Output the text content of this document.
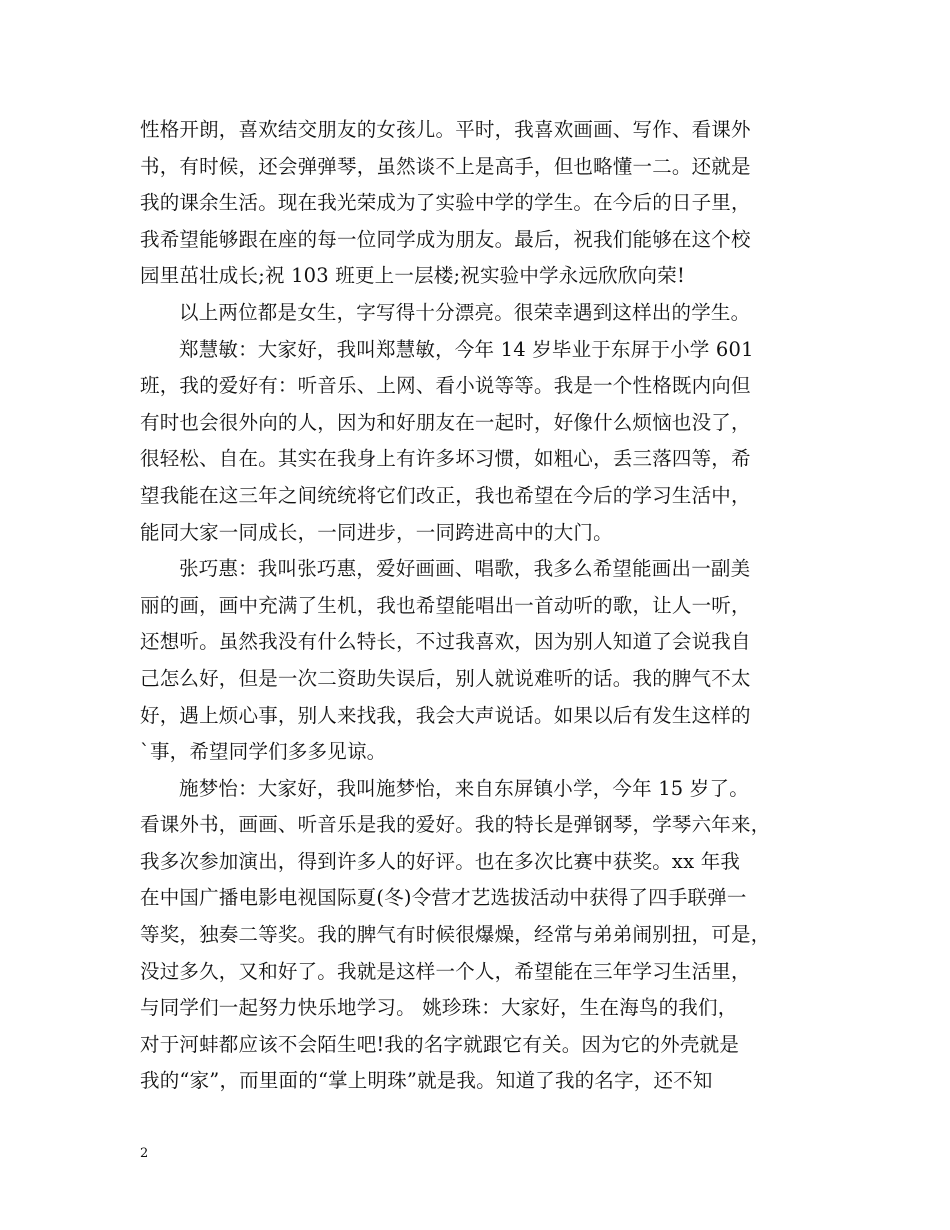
性格开朗，喜欢结交朋友的女孩儿。平时，我喜欢画画、写作、看课外
书，有时候，还会弹弹琴，虽然谈不上是高手，但也略懂一二。还就是
我的课余生活。现在我光荣成为了实验中学的学生。在今后的日子里，
我希望能够跟在座的每一位同学成为朋友。最后，祝我们能够在这个校
园里茁壮成长;祝 103 班更上一层楼;祝实验中学永远欣欣向荣!
以上两位都是女生，字写得十分漂亮。很荣幸遇到这样出的学生。
郑慧敏：大家好，我叫郑慧敏，今年 14 岁毕业于东屏于小学 601
班，我的爱好有：听音乐、上网、看小说等等。我是一个性格既内向但
有时也会很外向的人，因为和好朋友在一起时，好像什么烦恼也没了，
很轻松、自在。其实在我身上有许多坏习惯，如粗心，丢三落四等，希
望我能在这三年之间统统将它们改正，我也希望在今后的学习生活中，
能同大家一同成长，一同进步，一同跨进高中的大门。
张巧惠：我叫张巧惠，爱好画画、唱歌，我多么希望能画出一副美
丽的画，画中充满了生机，我也希望能唱出一首动听的歌，让人一听，
还想听。虽然我没有什么特长，不过我喜欢，因为别人知道了会说我自
己怎么好，但是一次二资助失误后，别人就说难听的话。我的脾气不太
好，遇上烦心事，别人来找我，我会大声说话。如果以后有发生这样的
`事，希望同学们多多见谅。
施梦怡：大家好，我叫施梦怡，来自东屏镇小学，今年 15 岁了。
看课外书，画画、听音乐是我的爱好。我的特长是弹钢琴，学琴六年来，
我多次参加演出，得到许多人的好评。也在多次比赛中获奖。xx 年我
在中国广播电影电视国际夏(冬)令营才艺选拔活动中获得了四手联弹一
等奖，独奏二等奖。我的脾气有时候很爆燥，经常与弟弟闹别扭，可是，
没过多久，又和好了。我就是这样一个人，希望能在三年学习生活里，
与同学们一起努力快乐地学习。 姚珍珠：大家好，生在海鸟的我们，
对于河蚌都应该不会陌生吧!我的名字就跟它有关。因为它的外壳就是
我的“家”，而里面的“掌上明珠”就是我。知道了我的名字，还不知
2
